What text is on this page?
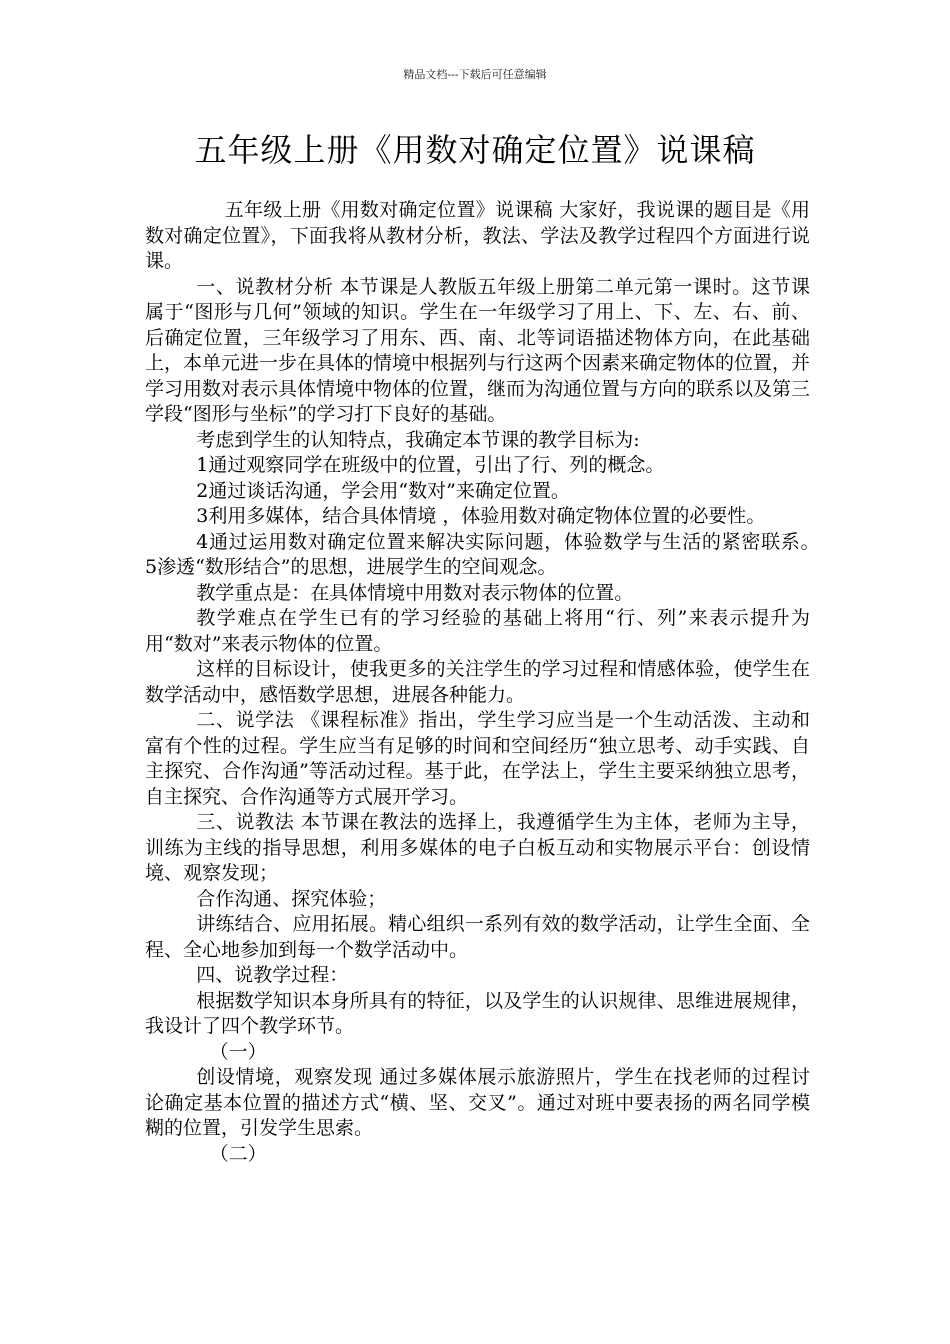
精品文档---下载后可任意编辑
五年级上册《用数对确定位置》说课稿

五年级上册《用数对确定位置》说课稿 大家好，我说课的题目是《用数对确定位置》，下面我将从教材分析，教法、学法及教学过程四个方面进行说课。

一、说教材分析 本节课是人教版五年级上册第二单元第一课时。这节课属于“图形与几何”领域的知识。学生在一年级学习了用上、下、左、右、前、后确定位置，三年级学习了用东、西、南、北等词语描述物体方向，在此基础上，本单元进一步在具体的情境中根据列与行这两个因素来确定物体的位置，并学习用数对表示具体情境中物体的位置，继而为沟通位置与方向的联系以及第三学段“图形与坐标”的学习打下良好的基础。

考虑到学生的认知特点，我确定本节课的教学目标为:

1通过观察同学在班级中的位置，引出了行、列的概念。

2通过谈话沟通，学会用“数对”来确定位置。

3利用多媒体，结合具体情境 ，体验用数对确定物体位置的必要性。

4通过运用数对确定位置来解决实际问题，体验数学与生活的紧密联系。　　5渗透“数形结合”的思想，进展学生的空间观念。

教学重点是：在具体情境中用数对表示物体的位置。

教学难点在学生已有的学习经验的基础上将用“行、列”来表示提升为用“数对”来表示物体的位置。

这样的目标设计，使我更多的关注学生的学习过程和情感体验，使学生在数学活动中，感悟数学思想，进展各种能力。

二、说学法 《课程标准》指出，学生学习应当是一个生动活泼、主动和富有个性的过程。学生应当有足够的时间和空间经历“独立思考、动手实践、自主探究、合作沟通”等活动过程。基于此，在学法上，学生主要采纳独立思考，自主探究、合作沟通等方式展开学习。

三、说教法 本节课在教法的选择上，我遵循学生为主体，老师为主导，训练为主线的指导思想，利用多媒体的电子白板互动和实物展示平台：创设情境、观察发现；

合作沟通、探究体验；

讲练结合、应用拓展。精心组织一系列有效的数学活动，让学生全面、全程、全心地参加到每一个数学活动中。

四、说教学过程：

根据数学知识本身所具有的特征，以及学生的认识规律、思维进展规律，我设计了四个教学环节。

（一）

创设情境，观察发现 通过多媒体展示旅游照片，学生在找老师的过程讨论确定基本位置的描述方式“横、坚、交叉”。通过对班中要表扬的两名同学模糊的位置，引发学生思索。

（二）
